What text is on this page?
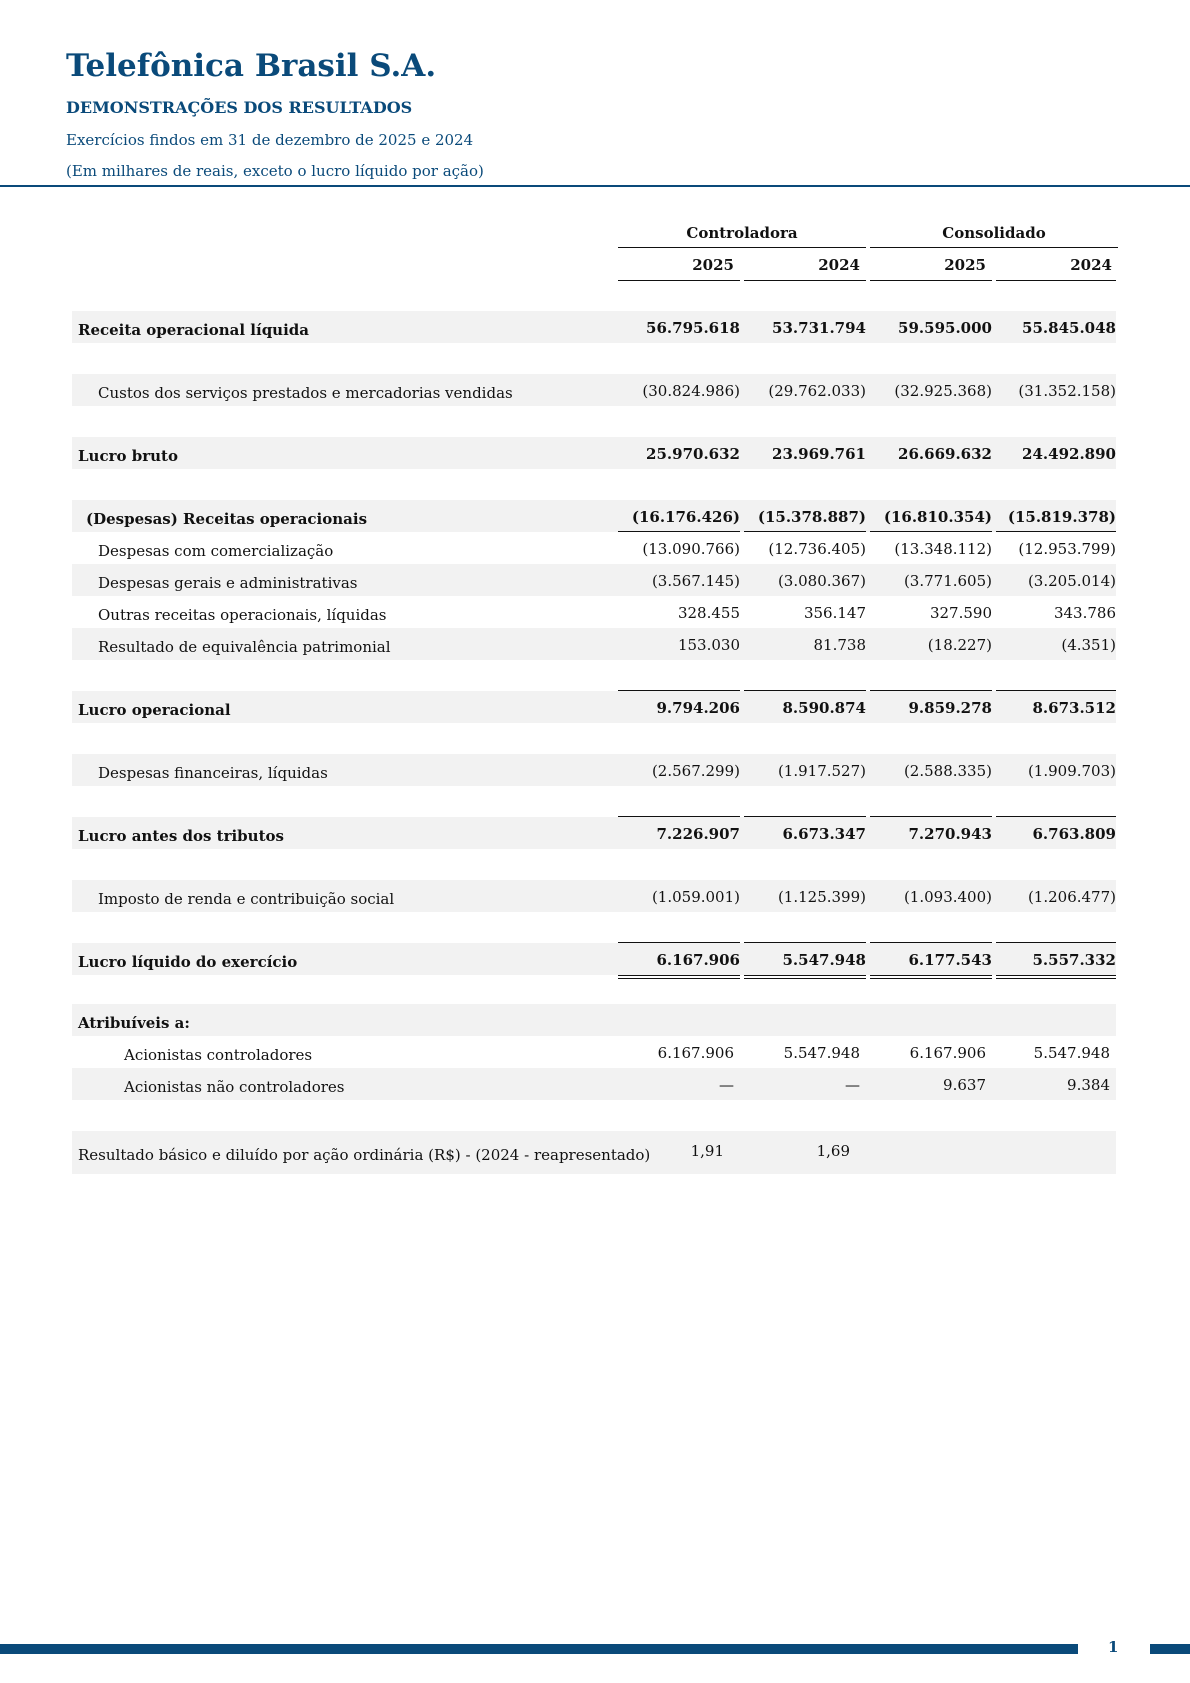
Telefônica Brasil S.A.
DEMONSTRAÇÕES DOS RESULTADOS
Exercícios findos em 31 de dezembro de 2025 e 2024
(Em milhares de reais, exceto o lucro líquido por ação)
Controladora	Consolidado
2025	2024	2025	2024
Receita operacional líquida	56.795.618	53.731.794	59.595.000	55.845.048
Custos dos serviços prestados e mercadorias vendidas	(30.824.986)	(29.762.033)	(32.925.368)	(31.352.158)
Lucro bruto	25.970.632	23.969.761	26.669.632	24.492.890
(Despesas) Receitas operacionais	(16.176.426)	(15.378.887)	(16.810.354)	(15.819.378)
Despesas com comercialização	(13.090.766)	(12.736.405)	(13.348.112)	(12.953.799)
Despesas gerais e administrativas	(3.567.145)	(3.080.367)	(3.771.605)	(3.205.014)
Outras receitas operacionais, líquidas	328.455	356.147	327.590	343.786
Resultado de equivalência patrimonial	153.030	81.738	(18.227)	(4.351)
Lucro operacional	9.794.206	8.590.874	9.859.278	8.673.512
Despesas financeiras, líquidas	(2.567.299)	(1.917.527)	(2.588.335)	(1.909.703)
Lucro antes dos tributos	7.226.907	6.673.347	7.270.943	6.763.809
Imposto de renda e contribuição social	(1.059.001)	(1.125.399)	(1.093.400)	(1.206.477)
Lucro líquido do exercício	6.167.906	5.547.948	6.177.543	5.557.332
Atribuíveis a:
Acionistas controladores	6.167.906	5.547.948	6.167.906	5.547.948
Acionistas não controladores	—	—	9.637	9.384
Resultado básico e diluído por ação ordinária (R$) - (2024 - reapresentado)	1,91	1,69
1
